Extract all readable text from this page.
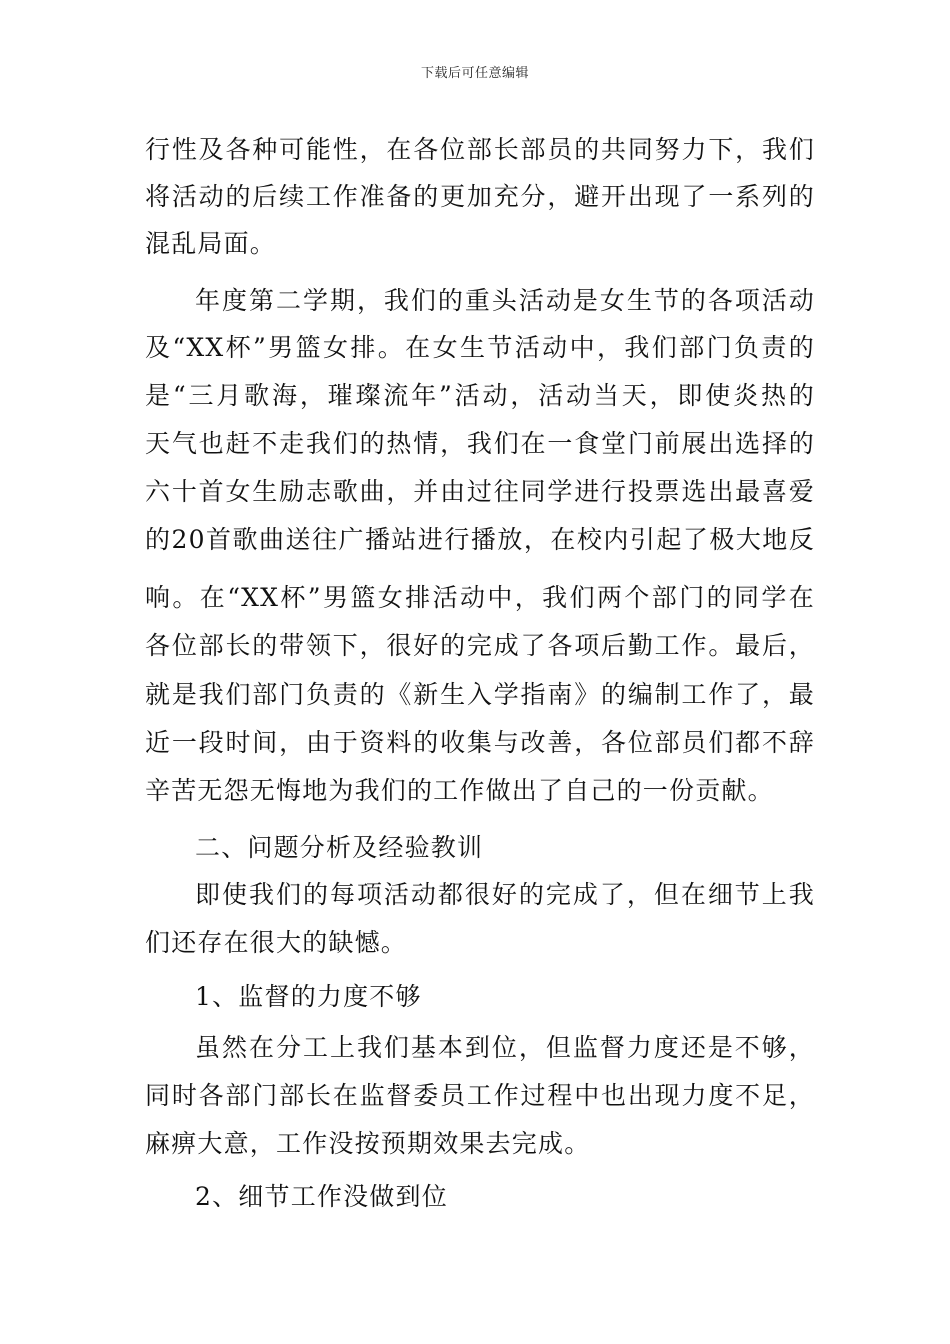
下载后可任意编辑
行性及各种可能性，在各位部长部员的共同努力下，我们
将活动的后续工作准备的更加充分，避开出现了一系列的
混乱局面。
年度第二学期，我们的重头活动是女生节的各项活动
及“XX杯”男篮女排。在女生节活动中，我们部门负责的
是“三月歌海，璀璨流年”活动，活动当天，即使炎热的
天气也赶不走我们的热情，我们在一食堂门前展出选择的
六十首女生励志歌曲，并由过往同学进行投票选出最喜爱
的20首歌曲送往广播站进行播放，在校内引起了极大地反
响。在“XX杯”男篮女排活动中，我们两个部门的同学在
各位部长的带领下，很好的完成了各项后勤工作。最后，
就是我们部门负责的《新生入学指南》的编制工作了，最
近一段时间，由于资料的收集与改善，各位部员们都不辞
辛苦无怨无悔地为我们的工作做出了自己的一份贡献。
二、问题分析及经验教训
即使我们的每项活动都很好的完成了，但在细节上我
们还存在很大的缺憾。
1、监督的力度不够
虽然在分工上我们基本到位，但监督力度还是不够，
同时各部门部长在监督委员工作过程中也出现力度不足，
麻痹大意，工作没按预期效果去完成。
2、细节工作没做到位
